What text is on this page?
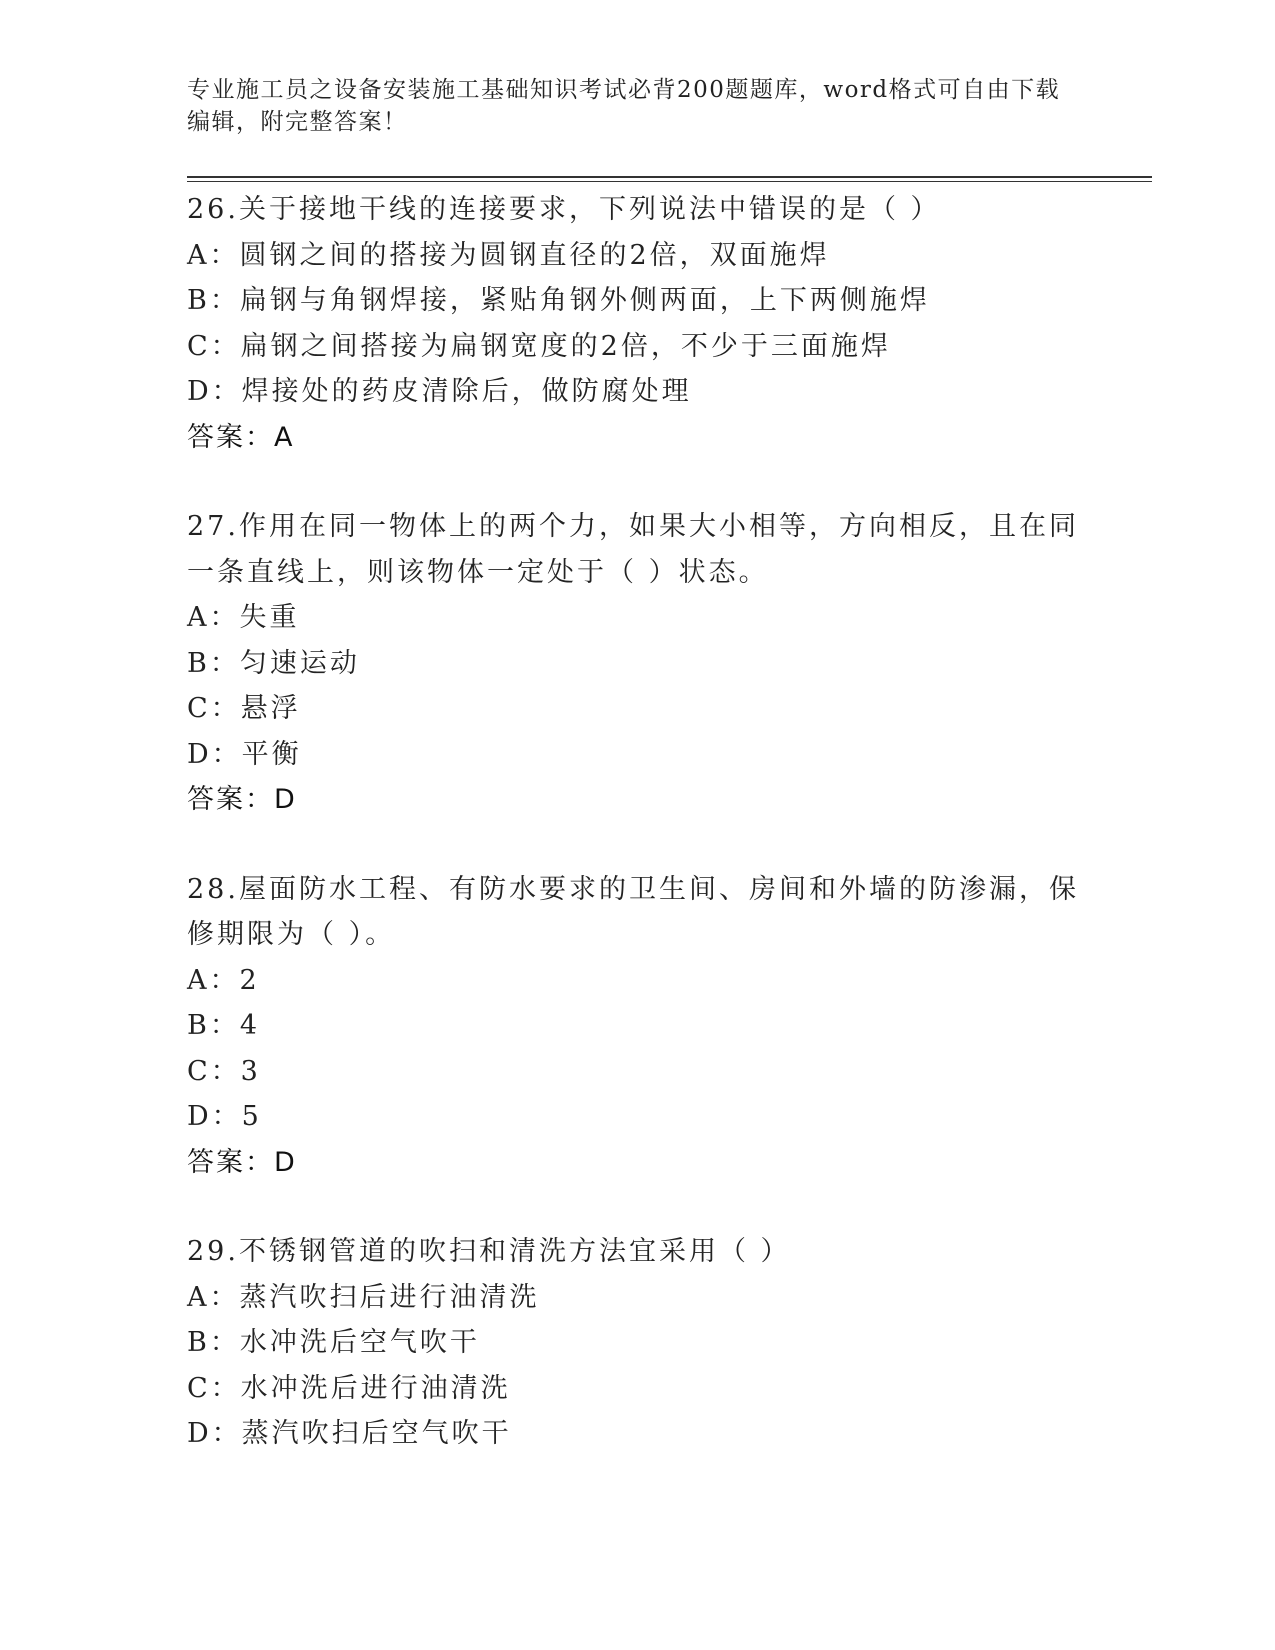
专业施工员之设备安装施工基础知识考试必背200题题库，word格式可自由下载编辑，附完整答案！
26.关于接地干线的连接要求，下列说法中错误的是（ ）
A：圆钢之间的搭接为圆钢直径的2倍，双面施焊
B：扁钢与角钢焊接，紧贴角钢外侧两面，上下两侧施焊
C：扁钢之间搭接为扁钢宽度的2倍，不少于三面施焊
D：焊接处的药皮清除后，做防腐处理
答案：A
27.作用在同一物体上的两个力，如果大小相等，方向相反，且在同一条直线上，则该物体一定处于（ ）状态。
A：失重
B：匀速运动
C：悬浮
D：平衡
答案：D
28.屋面防水工程、有防水要求的卫生间、房间和外墙的防渗漏，保修期限为（ ）。
A：2
B：4
C：3
D：5
答案：D
29.不锈钢管道的吹扫和清洗方法宜采用（ ）
A：蒸汽吹扫后进行油清洗
B：水冲洗后空气吹干
C：水冲洗后进行油清洗
D：蒸汽吹扫后空气吹干
